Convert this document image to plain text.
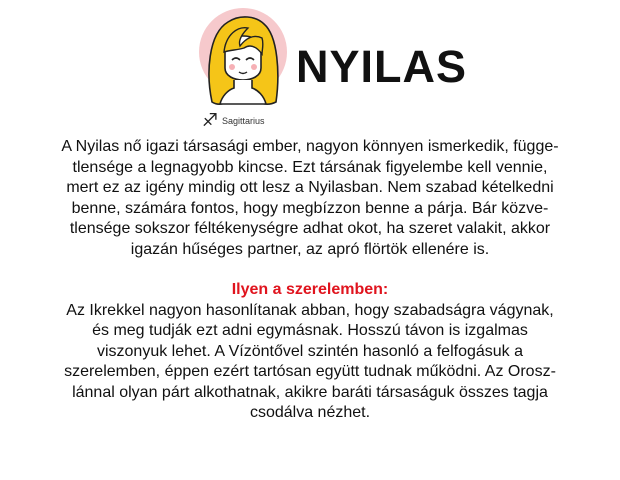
♐ Sagittarius
NYILAS
A Nyilas nő igazi társasági ember, nagyon könnyen ismerkedik, függe-
tlensége a legnagyobb kincse. Ezt társának figyelembe kell vennie,
mert ez az igény mindig ott lesz a Nyilasban. Nem szabad kételkedni
benne, számára fontos, hogy megbízzon benne a párja. Bár közve-
tlensége sokszor féltékenységre adhat okot, ha szeret valakit, akkor
igazán hűséges partner, az apró flörtök ellenére is.
Ilyen a szerelemben:
Az Ikrekkel nagyon hasonlítanak abban, hogy szabadságra vágynak,
és meg tudják ezt adni egymásnak. Hosszú távon is izgalmas
viszonyuk lehet. A Vízöntővel szintén hasonló a felfogásuk a
szerelemben, éppen ezért tartósan együtt tudnak működni. Az Orosz-
lánnal olyan párt alkothatnak, akikre baráti társaságuk összes tagja
csodálva nézhet.
